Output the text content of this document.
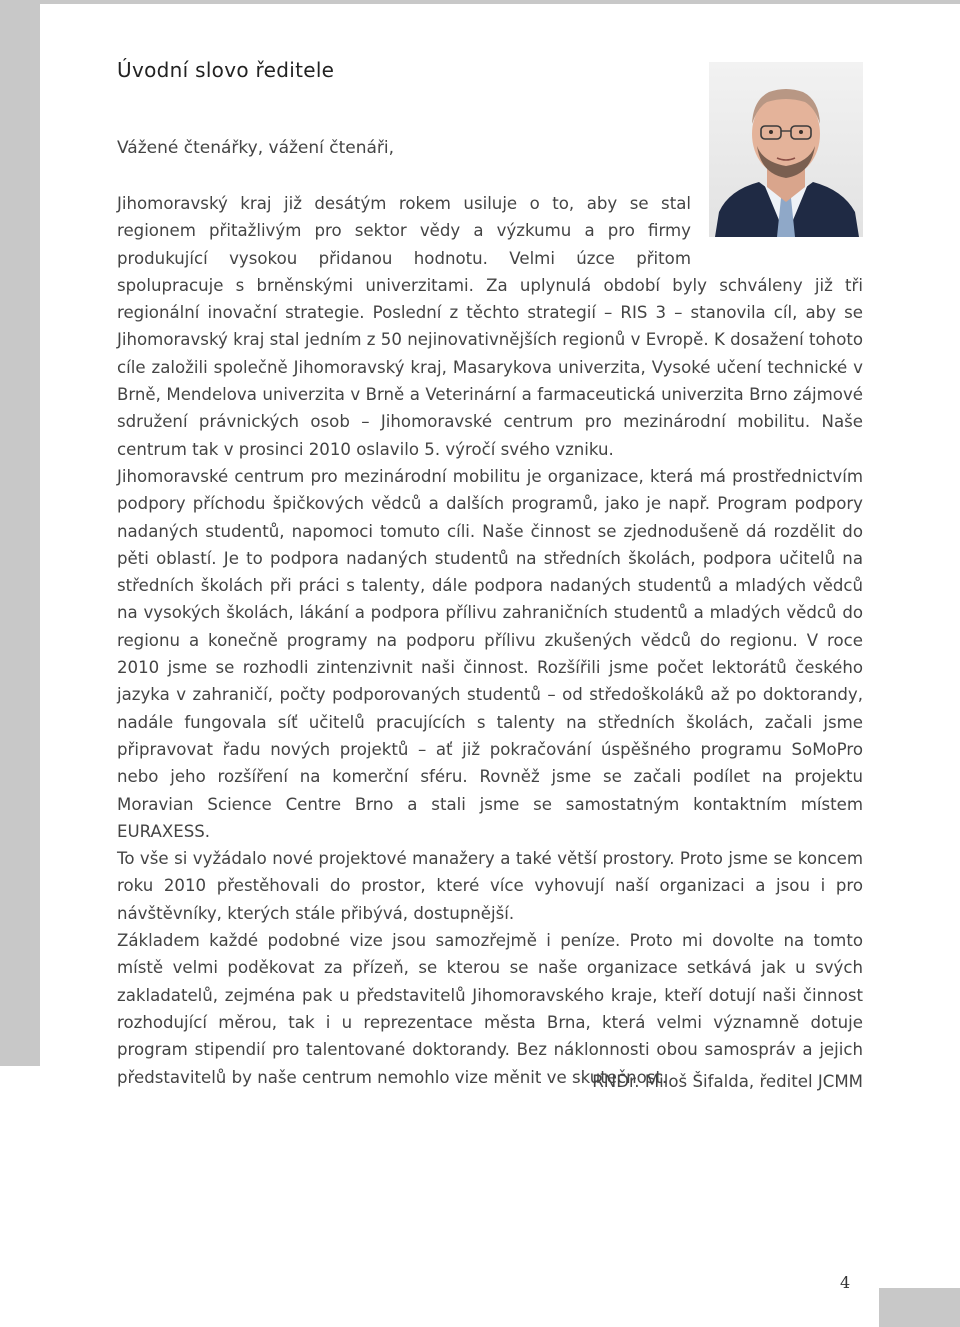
Úvodní slovo ředitele

Vážené čtenářky, vážení čtenáři,

Jihomoravský kraj již desátým rokem usiluje o to, aby se stal regionem přitažlivým pro sektor vědy a výzkumu a pro firmy produkující vysokou přidanou hodnotu. Velmi úzce přitom spolupracuje s brněnskými univerzitami. Za uplynulá období byly schváleny již tři regionální inovační strategie. Poslední z těchto strategií – RIS 3 – stanovila cíl, aby se Jihomoravský kraj stal jedním z 50 nejinovativnějších regionů v Evropě. K dosažení tohoto cíle založili společně Jihomoravský kraj, Masarykova univerzita, Vysoké učení technické v Brně, Mendelova univerzita v Brně a Veterinární a farmaceutická univerzita Brno zájmové sdružení právnických osob – Jihomoravské centrum pro mezinárodní mobilitu. Naše centrum tak v prosinci 2010 oslavilo 5. výročí svého vzniku.

Jihomoravské centrum pro mezinárodní mobilitu je organizace, která má prostřednictvím podpory příchodu špičkových vědců a dalších programů, jako je např. Program podpory nadaných studentů, napomoci tomuto cíli. Naše činnost se zjednodušeně dá rozdělit do pěti oblastí. Je to podpora nadaných studentů na středních školách, podpora učitelů na středních školách při práci s talenty, dále podpora nadaných studentů a mladých vědců na vysokých školách, lákání a podpora přílivu zahraničních studentů a mladých vědců do regionu a konečně programy na podporu přílivu zkušených vědců do regionu. V roce 2010 jsme se rozhodli zintenzivnit naši činnost. Rozšířili jsme počet lektorátů českého jazyka v zahraničí, počty podporovaných studentů – od středoškoláků až po doktorandy, nadále fungovala síť učitelů pracujících s talenty na středních školách, začali jsme připravovat řadu nových projektů – ať již pokračování úspěšného programu SoMoPro nebo jeho rozšíření na komerční sféru. Rovněž jsme se začali podílet na projektu Moravian Science Centre Brno a stali jsme se samostatným kontaktním místem EURAXESS.

To vše si vyžádalo nové projektové manažery a také větší prostory. Proto jsme se koncem roku 2010 přestěhovali do prostor, které více vyhovují naší organizaci a jsou i pro návštěvníky, kterých stále přibývá, dostupnější.

Základem každé podobné vize jsou samozřejmě i peníze. Proto mi dovolte na tomto místě velmi poděkovat za přízeň, se kterou se naše organizace setkává jak u svých zakladatelů, zejména pak u představitelů Jihomoravského kraje, kteří dotují naši činnost rozhodující měrou, tak i u reprezentace města Brna, která velmi významně dotuje program stipendií pro talentované doktorandy. Bez náklonnosti obou samospráv a jejich představitelů by naše centrum nemohlo vize měnit ve skutečnost.

RNDr. Miloš Šifalda, ředitel JCMM

4
